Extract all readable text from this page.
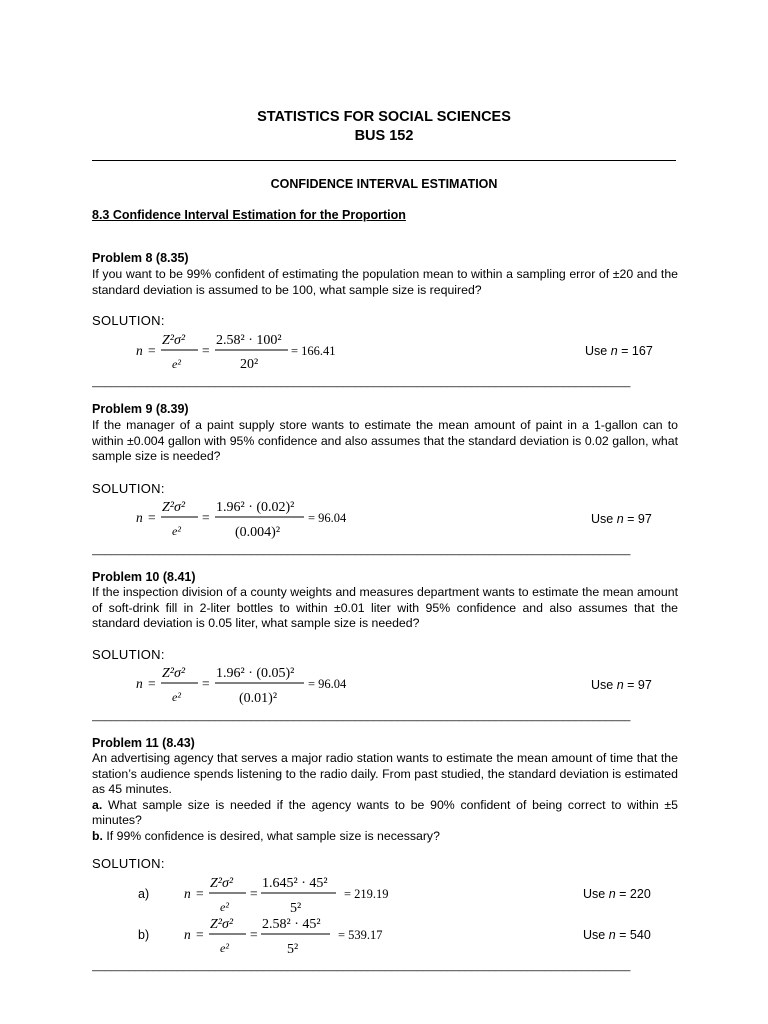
STATISTICS FOR SOCIAL SCIENCES
BUS 152
CONFIDENCE INTERVAL ESTIMATION
8.3 Confidence Interval Estimation for the Proportion
Problem 8 (8.35)

If you want to be 99% confident of estimating the population mean to within a sampling error of ±20 and the standard deviation is assumed to be 100, what sample size is required?

SOLUTION:
n =
Z²σ²
e²
=
2.58² · 100²
20²
= 166.41	Use n = 167
________________________________________________________________________________________
Problem 9 (8.39)

If the manager of a paint supply store wants to estimate the mean amount of paint in a 1-gallon can to within ±0.004 gallon with 95% confidence and also assumes that the standard deviation is 0.02 gallon, what sample size is needed?

SOLUTION:
n =
Z²σ²
e²
=
1.96² · (0.02)²
(0.004)²
= 96.04	Use n = 97
________________________________________________________________________________________
Problem 10 (8.41)

If the inspection division of a county weights and measures department wants to estimate the mean amount of soft-drink fill in 2-liter bottles to within ±0.01 liter with 95% confidence and also assumes that the standard deviation is 0.05 liter, what sample size is needed?

SOLUTION:
n =
Z²σ²
e²
=
1.96² · (0.05)²
(0.01)²
= 96.04	Use n = 97
________________________________________________________________________________________
Problem 11 (8.43)

An advertising agency that serves a major radio station wants to estimate the mean amount of time that the station’s audience spends listening to the radio daily. From past studied, the standard deviation is estimated as 45 minutes.

a. What sample size is needed if the agency wants to be 90% confident of being correct to within ±5 minutes?

b. If 99% confidence is desired, what sample size is necessary?

SOLUTION:
a)	n =
Z²σ²
e²
=
1.645² · 45²
5²
= 219.19	Use n = 220
b)	n =
Z²σ²
e²
=
2.58² · 45²
5²
= 539.17	Use n = 540
________________________________________________________________________________________
